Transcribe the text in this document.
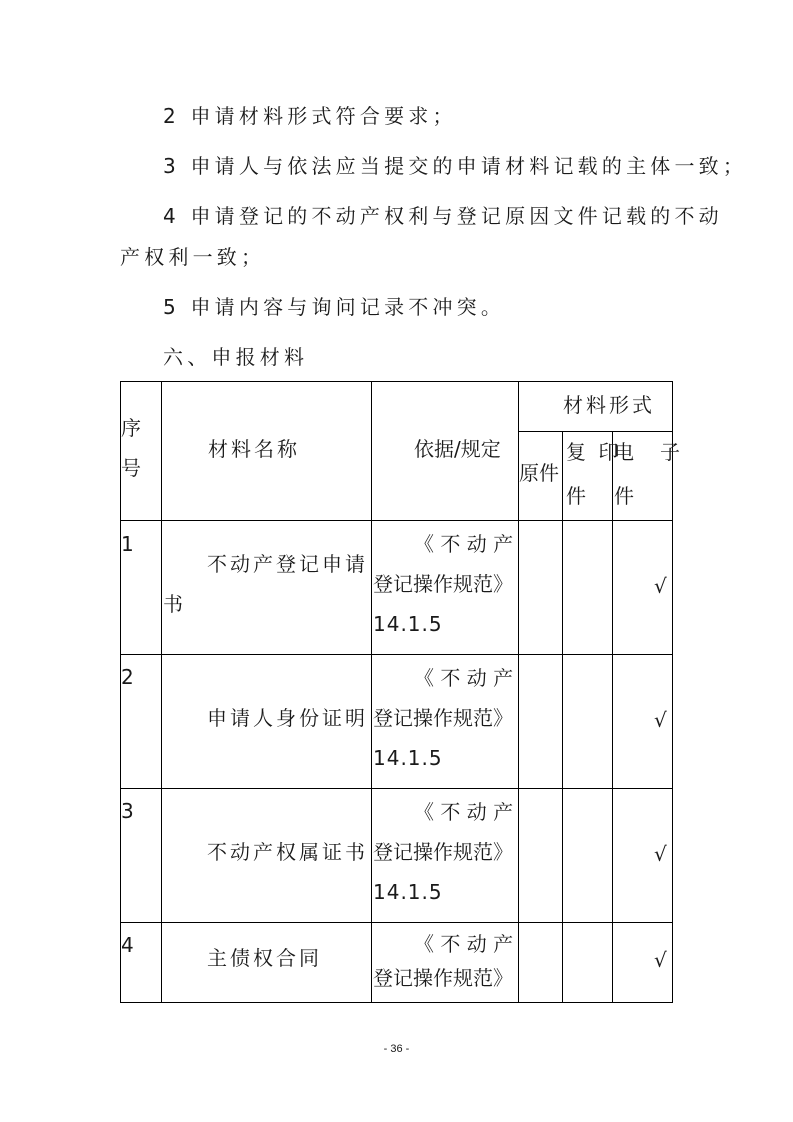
2 申请材料形式符合要求；
3 申请人与依法应当提交的申请材料记载的主体一致；
4 申请登记的不动产权利与登记原因文件记载的不动
产权利一致；
5 申请内容与询问记录不冲突。
六、申报材料
序
号
材料名称	依据/规定
材料形式
原件
复 印
件
电　子
件
1
不动产登记申请
书
《 不 动 产
登记操作规范》
14.1.5
√
2
申请人身份证明
《 不 动 产
登记操作规范》
14.1.5
√
3
不动产权属证书
《 不 动 产
登记操作规范》
14.1.5
√
4
主债权合同
《 不 动 产
登记操作规范》
√
- 36 -
